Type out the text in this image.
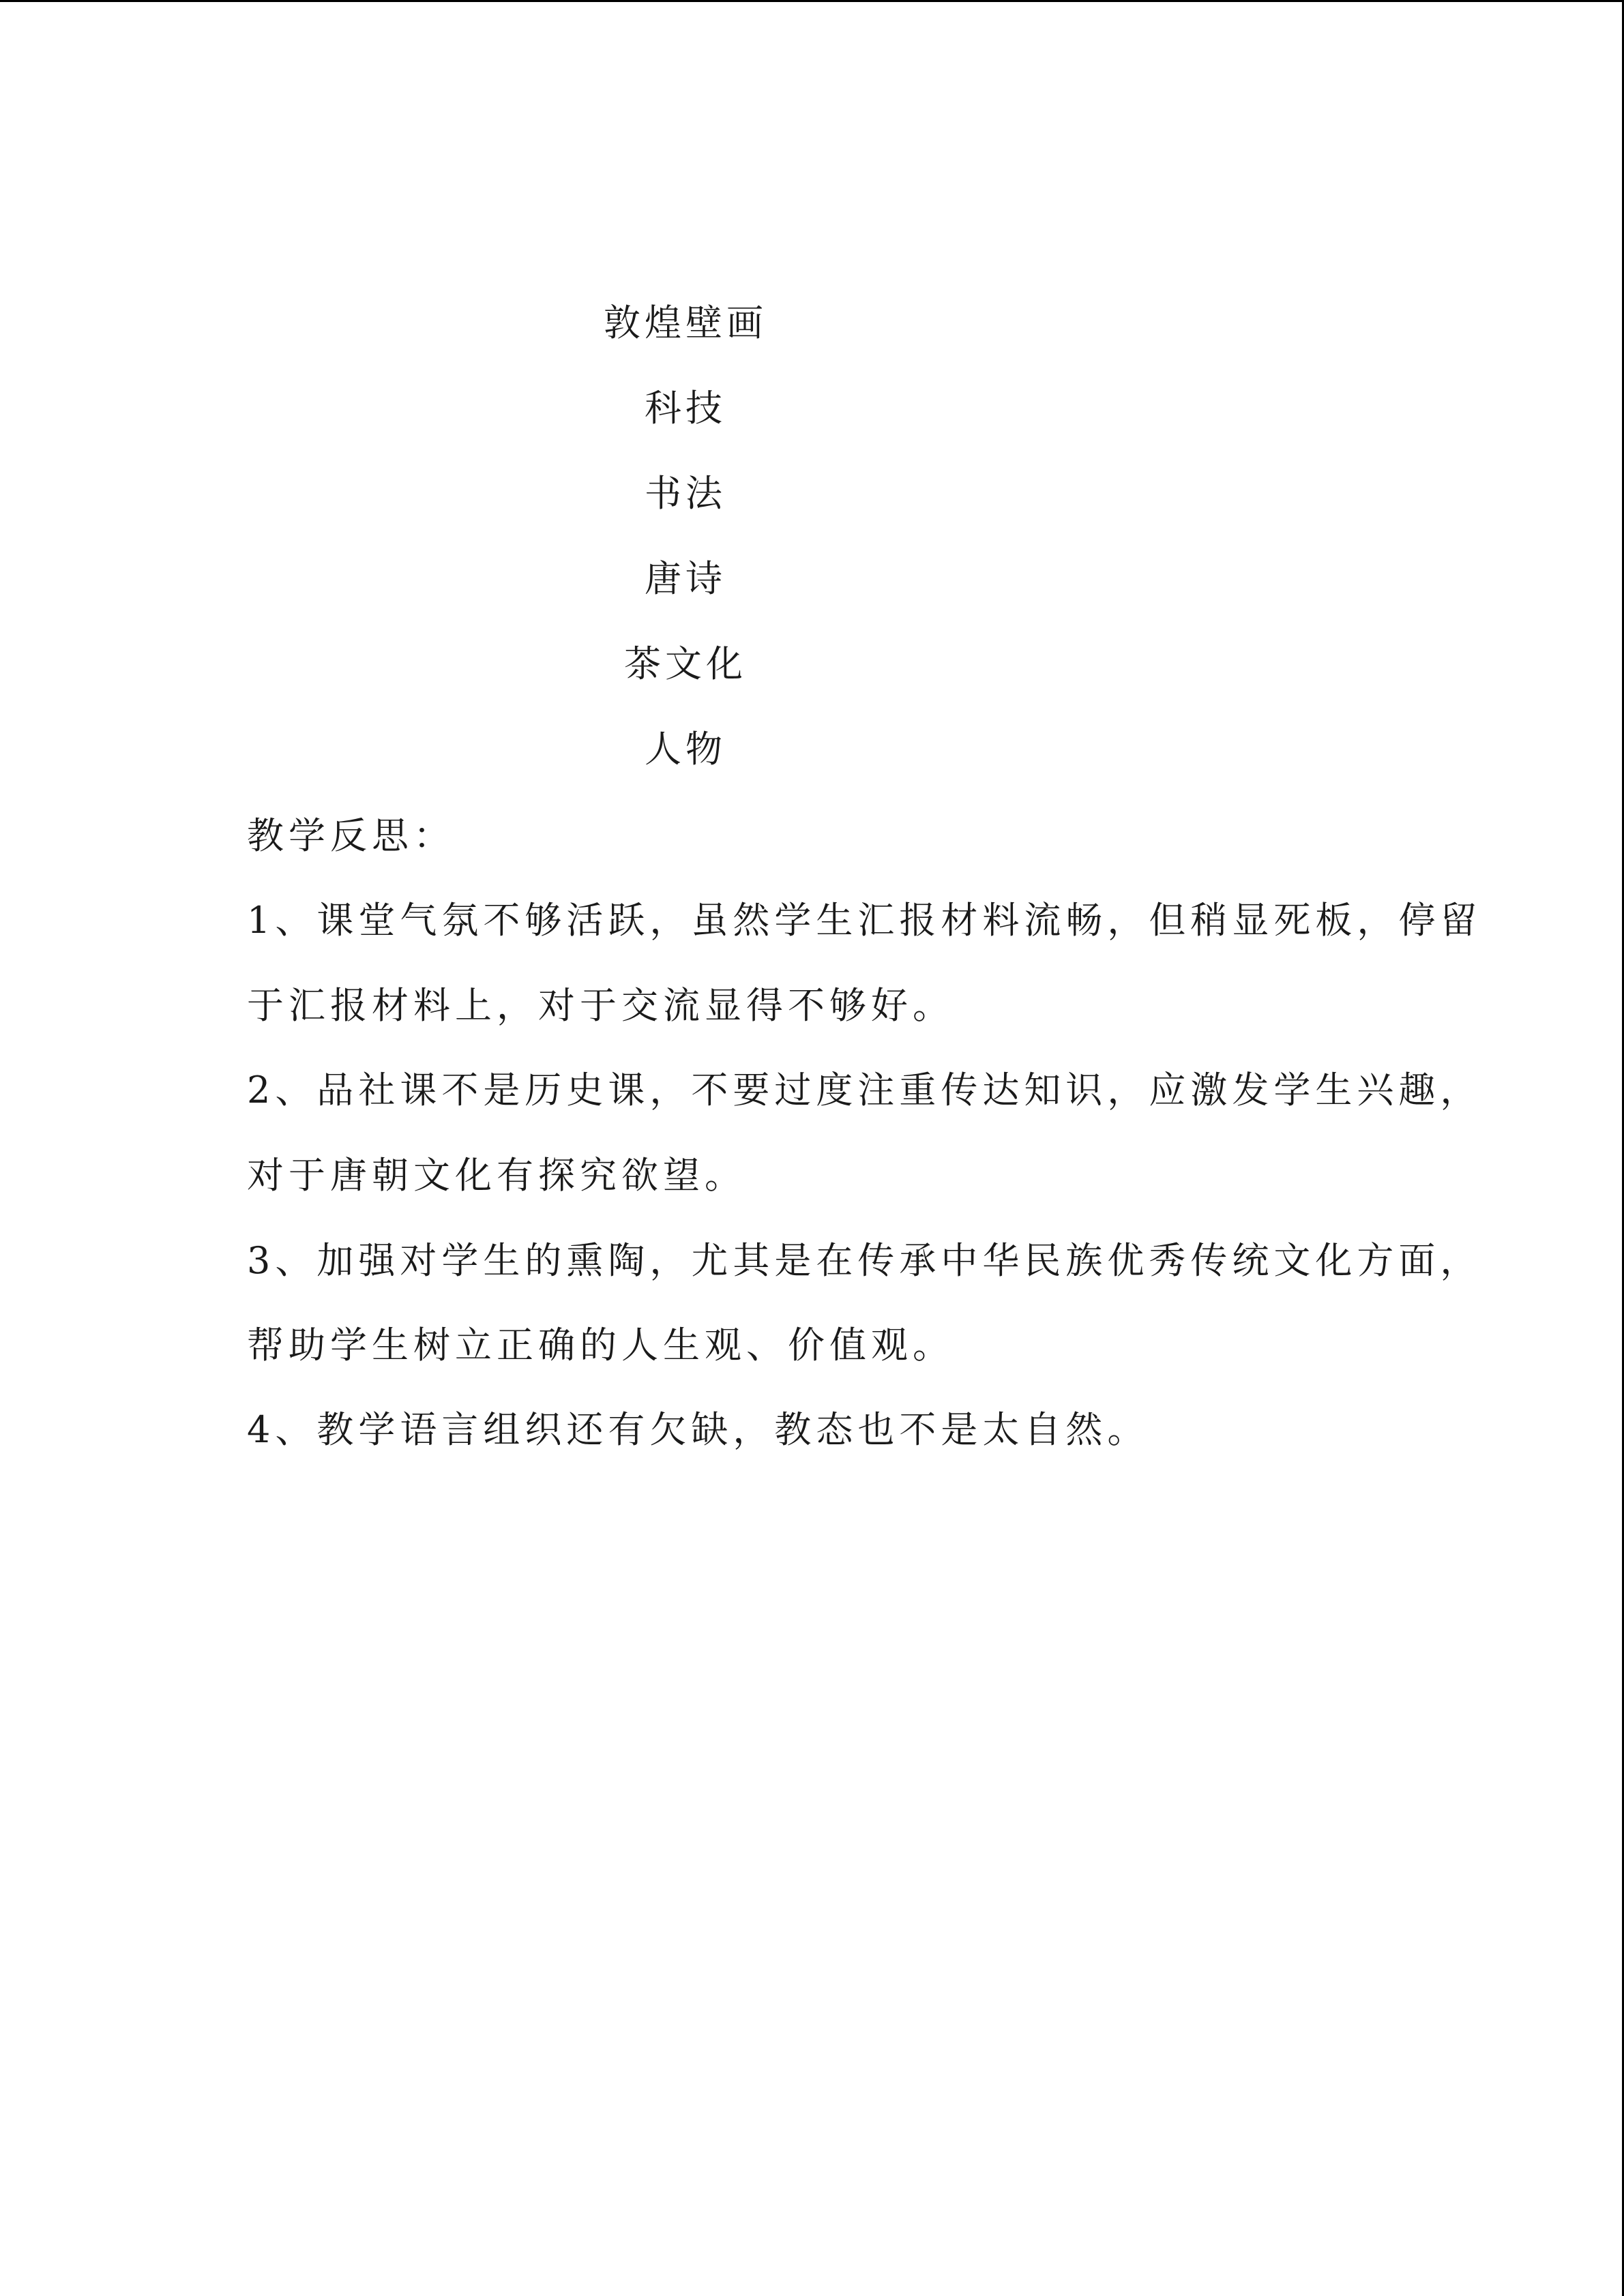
敦煌壁画
科技
书法
唐诗
茶文化
人物
教学反思：
1、课堂气氛不够活跃，虽然学生汇报材料流畅，但稍显死板，停留
于汇报材料上，对于交流显得不够好。
2、品社课不是历史课，不要过度注重传达知识，应激发学生兴趣，
对于唐朝文化有探究欲望。
3、加强对学生的熏陶，尤其是在传承中华民族优秀传统文化方面，
帮助学生树立正确的人生观、价值观。
4、教学语言组织还有欠缺，教态也不是太自然。
